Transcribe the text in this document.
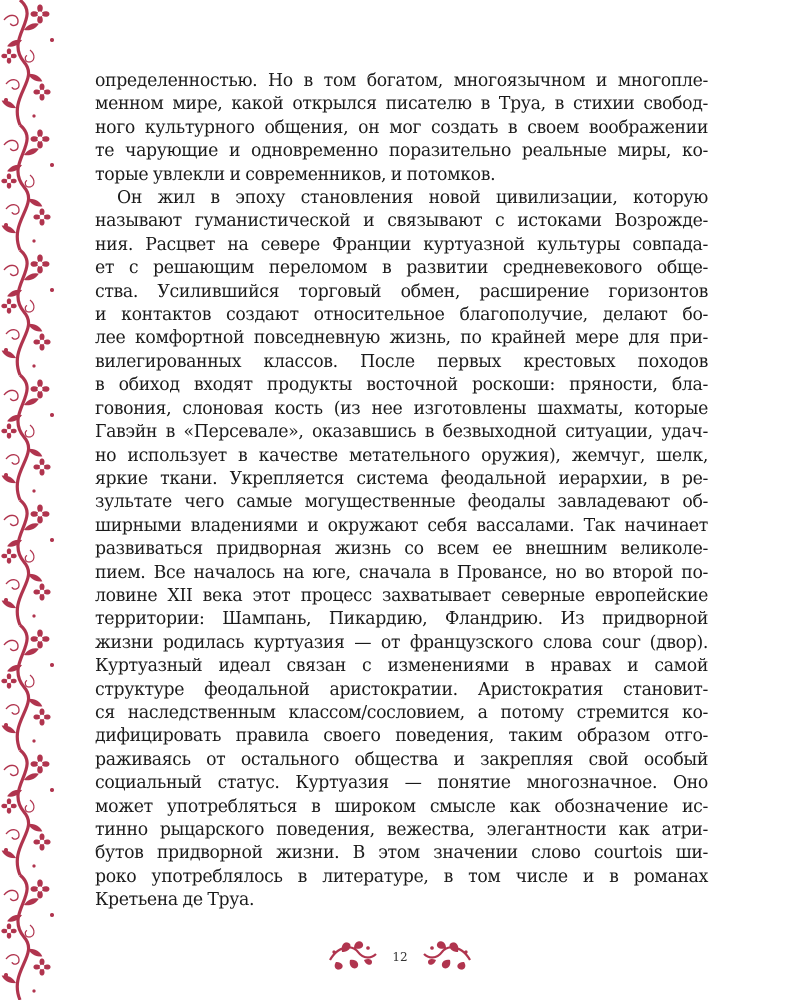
определенностью. Но в том богатом, многоязычном и многопле-
менном мире, какой открылся писателю в Труа, в стихии свобод-
ного культурного общения, он мог создать в своем воображении
те чарующие и одновременно поразительно реальные миры, ко-
торые увлекли и современников, и потомков.
Он жил в эпоху становления новой цивилизации, которую
называют гуманистической и связывают с истоками Возрожде-
ния. Расцвет на севере Франции куртуазной культуры совпада-
ет с решающим переломом в развитии средневекового обще-
ства. Усилившийся торговый обмен, расширение горизонтов
и контактов создают относительное благополучие, делают бо-
лее комфортной повседневную жизнь, по крайней мере для при-
вилегированных классов. После первых крестовых походов
в обиход входят продукты восточной роскоши: пряности, бла-
говония, слоновая кость (из нее изготовлены шахматы, которые
Гавэйн в «Персевале», оказавшись в безвыходной ситуации, удач-
но использует в качестве метательного оружия), жемчуг, шелк,
яркие ткани. Укрепляется система феодальной иерархии, в ре-
зультате чего самые могущественные феодалы завладевают об-
ширными владениями и окружают себя вассалами. Так начинает
развиваться придворная жизнь со всем ее внешним великоле-
пием. Все началось на юге, сначала в Провансе, но во второй по-
ловине XII века этот процесс захватывает северные европейские
территории: Шампань, Пикардию, Фландрию. Из придворной
жизни родилась куртуазия — от французского слова cour (двор).
Куртуазный идеал связан с изменениями в нравах и самой
структуре феодальной аристократии. Аристократия становит-
ся наследственным классом/сословием, а потому стремится ко-
дифицировать правила своего поведения, таким образом отго-
раживаясь от остального общества и закрепляя свой особый
социальный статус. Куртуазия — понятие многозначное. Оно
может употребляться в широком смысле как обозначение ис-
тинно рыцарского поведения, вежества, элегантности как атри-
бутов придворной жизни. В этом значении слово courtois ши-
роко употреблялось в литературе, в том числе и в романах
Кретьена де Труа.
12
